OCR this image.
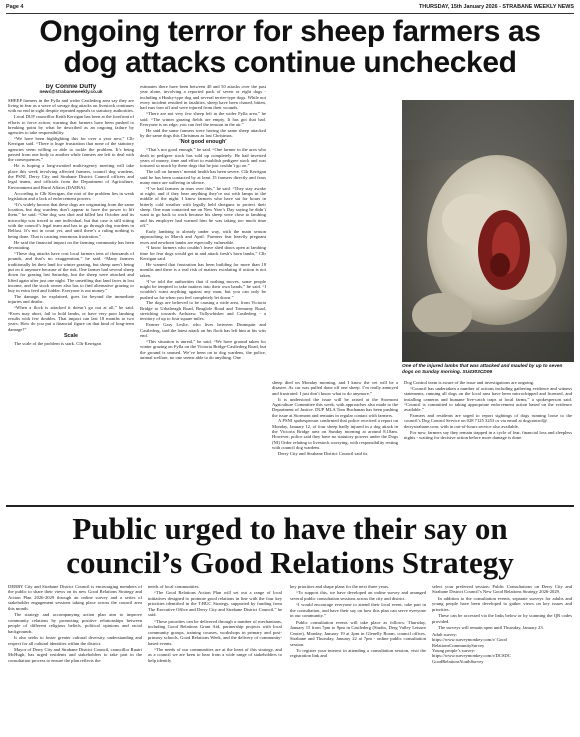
Page 4	THURSDAY, 15th January 2026 - STRABANE WEEKLY NEWS
Ongoing terror for sheep farmers as
dog attacks continue unchecked
by Connie Duffy
news@strabaneweekly.co.uk

SHEEP farmers in the Fylla and wider Castlederg area say they are living in fear as a wave of savage dog attacks on livestock continues with no end in sight despite repeated appeals to statutory authorities.

Local DUP councillor Keith Kerrigan has been at the forefront of efforts to force action, warning that farmers have been pushed to breaking point by what he described as an ongoing failure by agencies to take responsibility.

“We have been highlighting this for over a year now,” Cllr Kerrigan said. “There is huge frustration that none of the statutory agencies seem willing or able to tackle the problem. It’s being passed from one body to another while farmers are left to deal with the consequences.”

He is hoping a long-awaited multi-agency meeting will take place this week involving affected farmers, council dog wardens, the PSNI, Derry City and Strabane District Council officers and legal teams, and officials from the Department of Agriculture, Environment and Rural Affairs (DAERA).

According to Cllr Kerrigan, the root of the problem lies in weak legislation and a lack of enforcement powers.

“It’s widely known that these dogs are originating from the same location, but dog wardens don’t appear to have the power to lift them,” he said. “One dog was shot and killed last October and its microchip was traced to one individual, but that case is still sitting with the council’s legal team and has to go through dog wardens in Belfast. It’s not in court yet, and until there’s a ruling nothing is being done. That is causing enormous frustration.”

He said the financial impact on the farming community has been devastating.

“These dog attacks have cost local farmers tens of thousands of pounds, and that’s no exaggeration,” he said. “Many farmers traditionally let their land for winter grazing, but sheep aren’t being put on it anymore because of the risk. One farmer had several sheep down for grazing last Saturday, but the sheep were attacked and lifted again after just one night. The unsettling that land faces in lost income, and the stock owner also has to find alternative grazing or buy in extra feed and fodder. Everyone is out money.”

The damage, he explained, goes far beyond the immediate injuries and deaths.

“When a flock is attacked it doesn’t go out at all,” he said. “Ewes may abort, fail to hold lambs, or have very poor lambing results with few doubles. That impact can last 18 months to two years. How do you put a financial figure on that kind of long-term damage?”

Scale

The scale of the problem is stark. Cllr Kerrigan

estimates there have been between 40 and 50 attacks over the past year alone, involving a reported pack of seven or eight dogs - including a Husky-type dog and several terrier-type dogs. While not every incident resulted in fatalities, sheep have been chased, bitten, had ears torn off and were injured from their wounds.

“There are not very few sheep left in the wider Fylla area,” he said. “The winter grazing fields are empty. It has got that bad. Everyone is on edge, you can feel the tension in the air.”

He said the same farmers were having the same sheep attacked by the same dogs this Christmas as last Christmas.

'Not good enough'

“That’s not good enough,” he said. “One farmer in the area who dealt in pedigree stock has sold up completely. He had invested years of money, time and effort to establish pedigree stock and was tortured so much by these dogs that he just couldn’t go on.”

The toll on farmers’ mental health has been severe. Cllr Kerrigan said he has been contacted by at least 15 farmers directly and fears many more are suffering in silence.

“I’ve had farmers in tears over this,” he said. “They stay awake at night, and if they hear anything they’re out with lamps in the middle of the night. I know farmers who have sat for hours in bitterly cold weather with legally held shotguns to protect their sheep. One man contacted me on New Year’s Day saying he didn’t want to go back to work because his sheep were close to lambing and his employer had warned him he was taking too much time off.”

Early lambing is already under way, with the main season approaching in March and April. Farmers fear heavily pregnant ewes and newborn lambs are especially vulnerable.

“I know farmers who couldn’t leave shed doors open at lambing time for fear dogs would get in and attack fresh’s born lambs,” Cllr Kerrigan said.

He warned that frustration has been building for more than 18 months and there is a real risk of matters escalating if action is not taken.

“I’ve told the authorities that if nothing moves, some people might be tempted to take matters into their own hands,” he said. “I wouldn’t want anything against any man, but you can only be pushed so far when you feel completely let down.”

The dogs are believed to be causing a wide area, from Victoria Bridge to Urbalreagh Road, Beaglole Road and Trienurny Road, stretching towards Ardstraw, Tullywhisker and Castlederg - a territory of up to four square miles.

Farmer Gary Leslie, who lives between Drumquin and Castlederg, said the latest attack on his flock has left him at his wits end.

“This situation is unreal,” he said. “We have ground taken for winter grazing on Fylla on the Victoria Bridge-Castlederg Road, but the ground is unused. We’ve been on to dog wardens, the police, animal welfare, no one seems able to do anything. One

One of the injured lambs that was attacked and mauled by up to seven dogs on Sunday morning. SU4303CD06

sheep died on Monday morning, and I know the vet will be a disaster. As car was pulled done off one sheep. I’m really annoyed and frustrated. I just don’t know what to do anymore.”

It is understood the issue will be raised at the Stormont Agriculture Committee this week, with approaches also made to the Department of Justice. DUP MLA Tom Buchanan has been pushing the issue at Stormont and remains in regular contact with farmers.

A PSNI spokesperson confirmed that police received a report on Monday, January 12, of four sheep badly injured in a dog attack in the Victoria Bridge area on Sunday morning at around 8.10am. However, police said they have no statutory powers under the Dogs (NI) Order relating to livestock worrying, with responsibility resting with council dog wardens.

Derry City and Strabane District Council said its

Dog Control team is aware of the issue and investigations are ongoing.

“Council has undertaken a number of actions including gathering evidence and witness statements, running all dogs on the local area have been microchipped and licensed, and installing cameras and humane live-catch traps at local farms,” a spokesperson said. “Council is committed to taking appropriate enforcement action based on the evidence available.”

Farmers and residents are urged to report sightings of dogs running loose to the council’s Dog Control Service on 028 7125 3253 or via email at dogcontrol@

derrystrabane.com, with in out-of-hours service also available.

For now, farmers say they remain trapped in a cycle of fear, financial loss and sleepless nights - waiting for decisive action before more damage is done.

Public urged to have their say on
council’s Good Relations Strategy

DERRY City and Strabane District Council is encouraging members of the public to share their views on its new Good Relations Strategy and Action Plan 2026-2029 through an online survey and a series of stakeholder engagement sessions taking place across the council area this month.

The strategy and accompanying action plan aim to improve community relations by promoting positive relationships between people of different religious beliefs, political opinions and racial backgrounds.

It also seeks to foster greater cultural diversity, understanding and respect for all cultural identities within the district.

Mayor of Derry City and Strabane District Council, councillor Ruairi McHugh, has urged residents and stakeholders to take part in the consultation process to ensure the plan reflects the

needs of local communities.

“The Good Relations Action Plan will set out a range of local initiatives designed to promote good relations in line with the four key priorities identified in the T:BUC Strategy, supported by funding from The Executive Office and Derry City and Strabane District Council,” he said.

“These priorities can be delivered through a number of mechanisms, including Good Relations Grant Aid, partnership projects with local community groups, training courses, workshops in primary and post-primary schools, Good Relations Week, and the delivery of community-based events.

“The needs of our communities are at the heart of this strategy, and as a council we are keen to hear from a wide range of stakeholders to help identify

key priorities and shape plans for the next three years.

“To support this, we have developed an online survey and arranged several public consultation sessions across the city and district.

“I would encourage everyone to attend their local event, take part in the consultation, and have their say on how this plan can serve everyone in our community.”

Public consultation events will take place as follows: Thursday, January 15 from 7pm to 9pm in Castlederg (Studio, Derg Valley Leisure Centre), Monday, January 19 at 2pm in Glenelly Room, council offices, Strabane and Thursday, January 22 at 7pm - online public consultation session.

To register your interest in attending a consultation session, visit the registration link and

select your preferred session: Public Consultations on Derry City and Strabane District Council’s New Good Relations Strategy 2026-2029.

In addition to the consultation events, separate surveys for adults and young people have been developed to gather views on key issues and priorities.

These can be accessed via the links below or by scanning the QR codes provided.

The surveys will remain open until Thursday, January 23.

Adult survey:
https://www.surveymonkey.com/r/ Good
RelationsCommunitySurvey
Young people’s survey:
https://www.surveymonkey.com/r/DCSDC
GoodRelationsYouthSurvey
